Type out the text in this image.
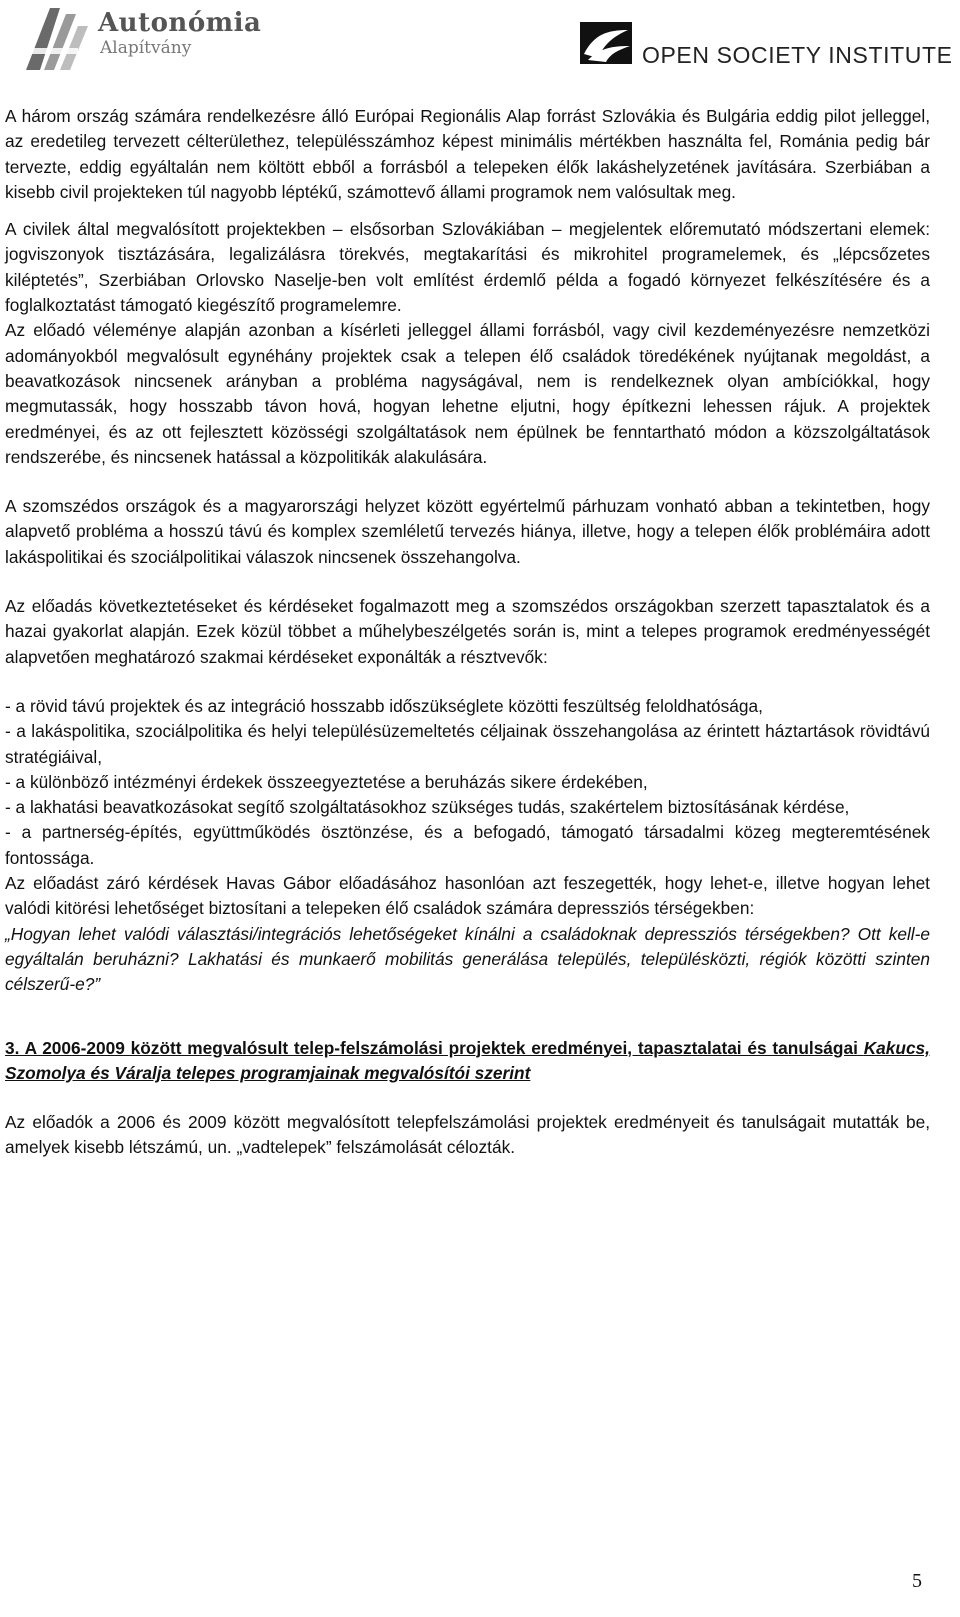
Autonómia
Alapítvány	OPEN SOCIETY INSTITUTE

A három ország számára rendelkezésre álló Európai Regionális Alap forrást Szlovákia és Bulgária eddig pilot jelleggel, az eredetileg tervezett célterülethez, településszámhoz képest minimális mértékben használta fel, Románia pedig bár tervezte, eddig egyáltalán nem költött ebből a forrásból a telepeken élők lakáshelyzetének javítására. Szerbiában a kisebb civil projekteken túl nagyobb léptékű, számottevő állami programok nem valósultak meg.

A civilek által megvalósított projektekben – elsősorban Szlovákiában – megjelentek előremutató módszertani elemek: jogviszonyok tisztázására, legalizálásra törekvés, megtakarítási és mikrohitel programelemek, és „lépcsőzetes kiléptetés”, Szerbiában Orlovsko Naselje-ben volt említést érdemlő példa a fogadó környezet felkészítésére és a foglalkoztatást támogató kiegészítő programelemre.

Az előadó véleménye alapján azonban a kísérleti jelleggel állami forrásból, vagy civil kezdeményezésre nemzetközi adományokból megvalósult egynéhány projektek csak a telepen élő családok töredékének nyújtanak megoldást, a beavatkozások nincsenek arányban a probléma nagyságával, nem is rendelkeznek olyan ambíciókkal, hogy megmutassák, hogy hosszabb távon hová, hogyan lehetne eljutni, hogy építkezni lehessen rájuk. A projektek eredményei, és az ott fejlesztett közösségi szolgáltatások nem épülnek be fenntartható módon a közszolgáltatások rendszerébe, és nincsenek hatással a közpolitikák alakulására.

A szomszédos országok és a magyarországi helyzet között egyértelmű párhuzam vonható abban a tekintetben, hogy alapvető probléma a hosszú távú és komplex szemléletű tervezés hiánya, illetve, hogy a telepen élők problémáira adott lakáspolitikai és szociálpolitikai válaszok nincsenek összehangolva.

Az előadás következtetéseket és kérdéseket fogalmazott meg a szomszédos országokban szerzett tapasztalatok és a hazai gyakorlat alapján. Ezek közül többet a műhelybeszélgetés során is, mint a telepes programok eredményességét alapvetően meghatározó szakmai kérdéseket exponálták a résztvevők:

- a rövid távú projektek és az integráció hosszabb időszükséglete közötti feszültség feloldhatósága,

- a lakáspolitika, szociálpolitika és helyi településüzemeltetés céljainak összehangolása az érintett háztartások rövidtávú stratégiáival,

- a különböző intézményi érdekek összeegyeztetése a beruházás sikere érdekében,

- a lakhatási beavatkozásokat segítő szolgáltatásokhoz szükséges tudás, szakértelem biztosításának kérdése,

- a partnerség-építés, együttműködés ösztönzése, és a befogadó, támogató társadalmi közeg megteremtésének fontossága.

Az előadást záró kérdések Havas Gábor előadásához hasonlóan azt feszegették, hogy lehet-e, illetve hogyan lehet valódi kitörési lehetőséget biztosítani a telepeken élő családok számára depressziós térségekben:

„Hogyan lehet valódi választási/integrációs lehetőségeket kínálni a családoknak depressziós térségekben? Ott kell-e egyáltalán beruházni? Lakhatási és munkaerő mobilitás generálása település, településközti, régiók közötti szinten célszerű-e?”

3. A 2006-2009 között megvalósult telep-felszámolási projektek eredményei, tapasztalatai és tanulságai Kakucs, Szomolya és Váralja telepes programjainak megvalósítói szerint

Az előadók a 2006 és 2009 között megvalósított telepfelszámolási projektek eredményeit és tanulságait mutatták be, amelyek kisebb létszámú, un. „vadtelepek” felszámolását célozták.

5
